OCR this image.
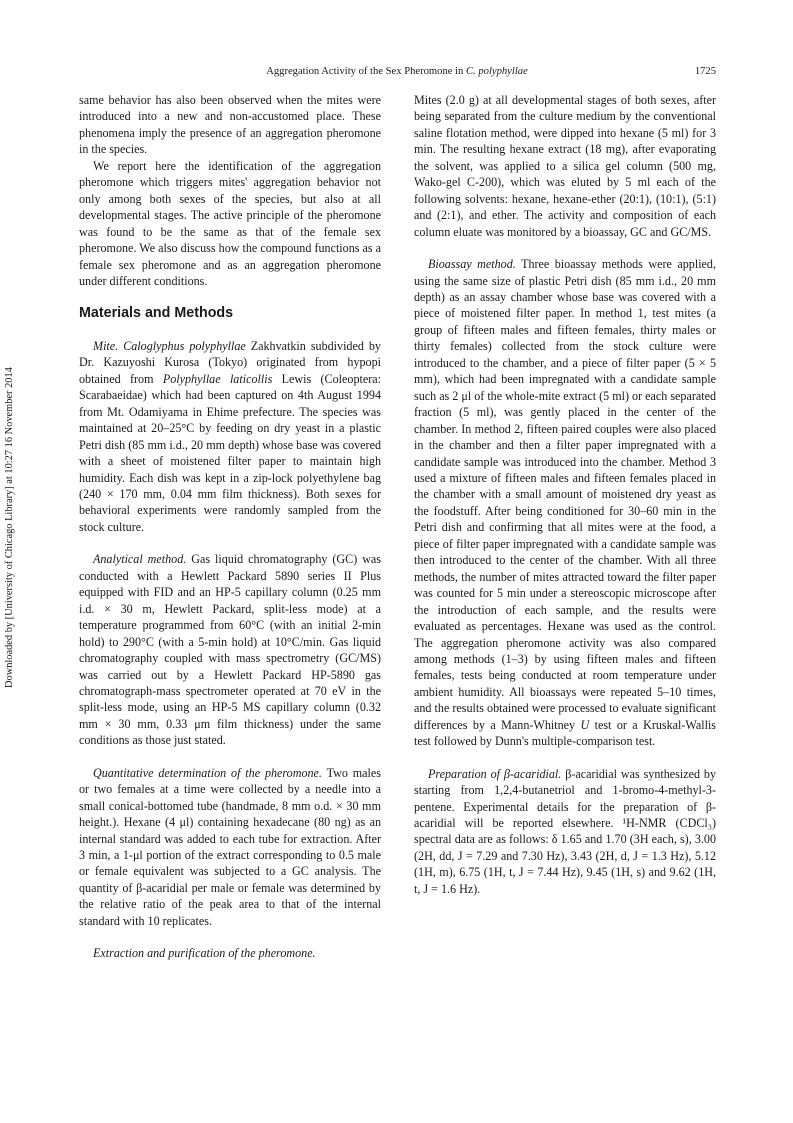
Aggregation Activity of the Sex Pheromone in C. polyphyllae	1725
Downloaded by [University of Chicago Library] at 10:27 16 November 2014

same behavior has also been observed when the mites were introduced into a new and non-accustomed place. These phenomena imply the presence of an aggregation pheromone in the species.

We report here the identification of the aggregation pheromone which triggers mites' aggregation behavior not only among both sexes of the species, but also at all developmental stages. The active principle of the pheromone was found to be the same as that of the female sex pheromone. We also discuss how the compound functions as a female sex pheromone and as an aggregation pheromone under different conditions.

Materials and Methods

Mite. Caloglyphus polyphyllae Zakhvatkin subdivided by Dr. Kazuyoshi Kurosa (Tokyo) originated from hypopi obtained from Polyphyllae laticollis Lewis (Coleoptera: Scarabaeidae) which had been captured on 4th August 1994 from Mt. Odamiyama in Ehime prefecture. The species was maintained at 20–25°C by feeding on dry yeast in a plastic Petri dish (85 mm i.d., 20 mm depth) whose base was covered with a sheet of moistened filter paper to maintain high humidity. Each dish was kept in a zip-lock polyethylene bag (240 × 170 mm, 0.04 mm film thickness). Both sexes for behavioral experiments were randomly sampled from the stock culture.

Analytical method. Gas liquid chromatography (GC) was conducted with a Hewlett Packard 5890 series II Plus equipped with FID and an HP-5 capillary column (0.25 mm i.d. × 30 m, Hewlett Packard, split-less mode) at a temperature programmed from 60°C (with an initial 2-min hold) to 290°C (with a 5-min hold) at 10°C/min. Gas liquid chromatography coupled with mass spectrometry (GC/MS) was carried out by a Hewlett Packard HP-5890 gas chromatograph-mass spectrometer operated at 70 eV in the split-less mode, using an HP-5 MS capillary column (0.32 mm × 30 mm, 0.33 μm film thickness) under the same conditions as those just stated.

Quantitative determination of the pheromone. Two males or two females at a time were collected by a needle into a small conical-bottomed tube (handmade, 8 mm o.d. × 30 mm height.). Hexane (4 μl) containing hexadecane (80 ng) as an internal standard was added to each tube for extraction. After 3 min, a 1-μl portion of the extract corresponding to 0.5 male or female equivalent was subjected to a GC analysis. The quantity of β-acaridial per male or female was determined by the relative ratio of the peak area to that of the internal standard with 10 replicates.

Extraction and purification of the pheromone.

Mites (2.0 g) at all developmental stages of both sexes, after being separated from the culture medium by the conventional saline flotation method, were dipped into hexane (5 ml) for 3 min. The resulting hexane extract (18 mg), after evaporating the solvent, was applied to a silica gel column (500 mg, Wako-gel C-200), which was eluted by 5 ml each of the following solvents: hexane, hexane-ether (20:1), (10:1), (5:1) and (2:1), and ether. The activity and composition of each column eluate was monitored by a bioassay, GC and GC/MS.

Bioassay method. Three bioassay methods were applied, using the same size of plastic Petri dish (85 mm i.d., 20 mm depth) as an assay chamber whose base was covered with a piece of moistened filter paper. In method 1, test mites (a group of fifteen males and fifteen females, thirty males or thirty females) collected from the stock culture were introduced to the chamber, and a piece of filter paper (5 × 5 mm), which had been impregnated with a candidate sample such as 2 μl of the whole-mite extract (5 ml) or each separated fraction (5 ml), was gently placed in the center of the chamber. In method 2, fifteen paired couples were also placed in the chamber and then a filter paper impregnated with a candidate sample was introduced into the chamber. Method 3 used a mixture of fifteen males and fifteen females placed in the chamber with a small amount of moistened dry yeast as the foodstuff. After being conditioned for 30–60 min in the Petri dish and confirming that all mites were at the food, a piece of filter paper impregnated with a candidate sample was then introduced to the center of the chamber. With all three methods, the number of mites attracted toward the filter paper was counted for 5 min under a stereoscopic microscope after the introduction of each sample, and the results were evaluated as percentages. Hexane was used as the control. The aggregation pheromone activity was also compared among methods (1–3) by using fifteen males and fifteen females, tests being conducted at room temperature under ambient humidity. All bioassays were repeated 5–10 times, and the results obtained were processed to evaluate significant differences by a Mann-Whitney U test or a Kruskal-Wallis test followed by Dunn's multiple-comparison test.

Preparation of β-acaridial. β-acaridial was synthesized by starting from 1,2,4-butanetriol and 1-bromo-4-methyl-3-pentene. Experimental details for the preparation of β-acaridial will be reported elsewhere. ¹H-NMR (CDCl₃) spectral data are as follows: δ 1.65 and 1.70 (3H each, s), 3.00 (2H, dd, J = 7.29 and 7.30 Hz), 3.43 (2H, d, J = 1.3 Hz), 5.12 (1H, m), 6.75 (1H, t, J = 7.44 Hz), 9.45 (1H, s) and 9.62 (1H, t, J = 1.6 Hz).
